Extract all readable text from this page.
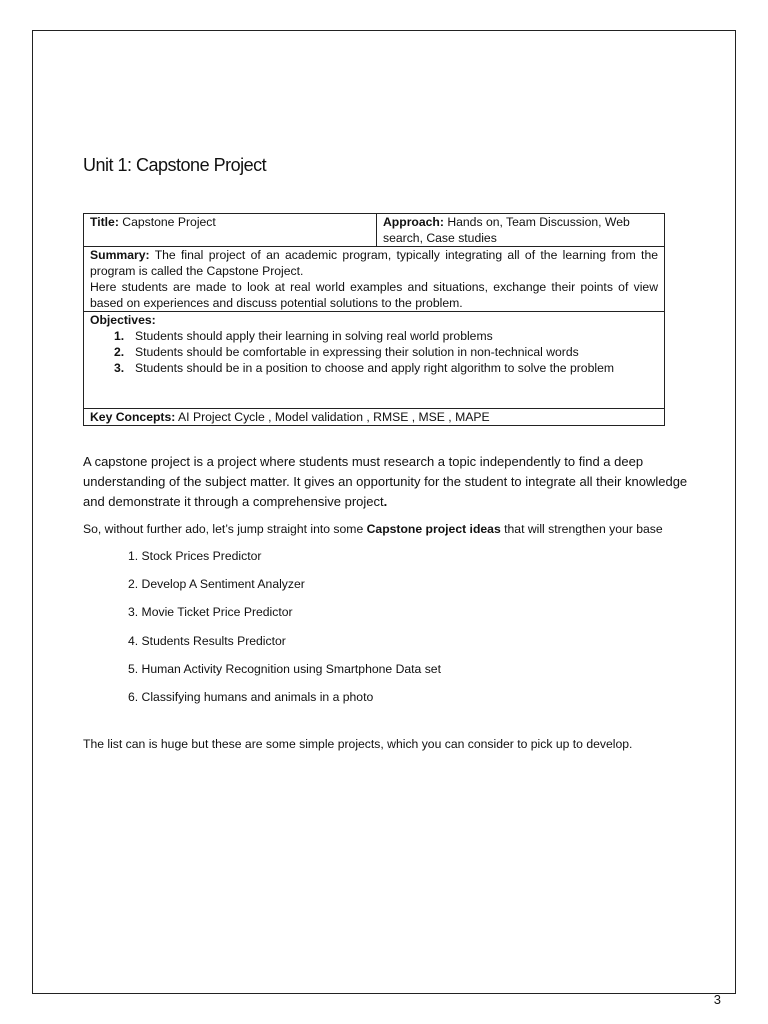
Unit 1: Capstone Project
Title: Capstone Project	Approach: Hands on, Team Discussion, Web search, Case studies

Summary: The final project of an academic program, typically integrating all of the learning from the program is called the Capstone Project.
Here students are made to look at real world examples and situations, exchange their points of view based on experiences and discuss potential solutions to the problem.

Objectives:
1. Students should apply their learning in solving real world problems
2. Students should be comfortable in expressing their solution in non-technical words
3. Students should be in a position to choose and apply right algorithm to solve the problem

Key Concepts: AI Project Cycle , Model validation , RMSE , MSE , MAPE

A capstone project is a project where students must research a topic independently to find a deep understanding of the subject matter. It gives an opportunity for the student to integrate all their knowledge and demonstrate it through a comprehensive project.

So, without further ado, let’s jump straight into some Capstone project ideas that will strengthen your base

1. Stock Prices Predictor
2. Develop A Sentiment Analyzer
3. Movie Ticket Price Predictor
4. Students Results Predictor
5. Human Activity Recognition using Smartphone Data set
6. Classifying humans and animals in a photo

The list can is huge but these are some simple projects, which you can consider to pick up to develop.

3
